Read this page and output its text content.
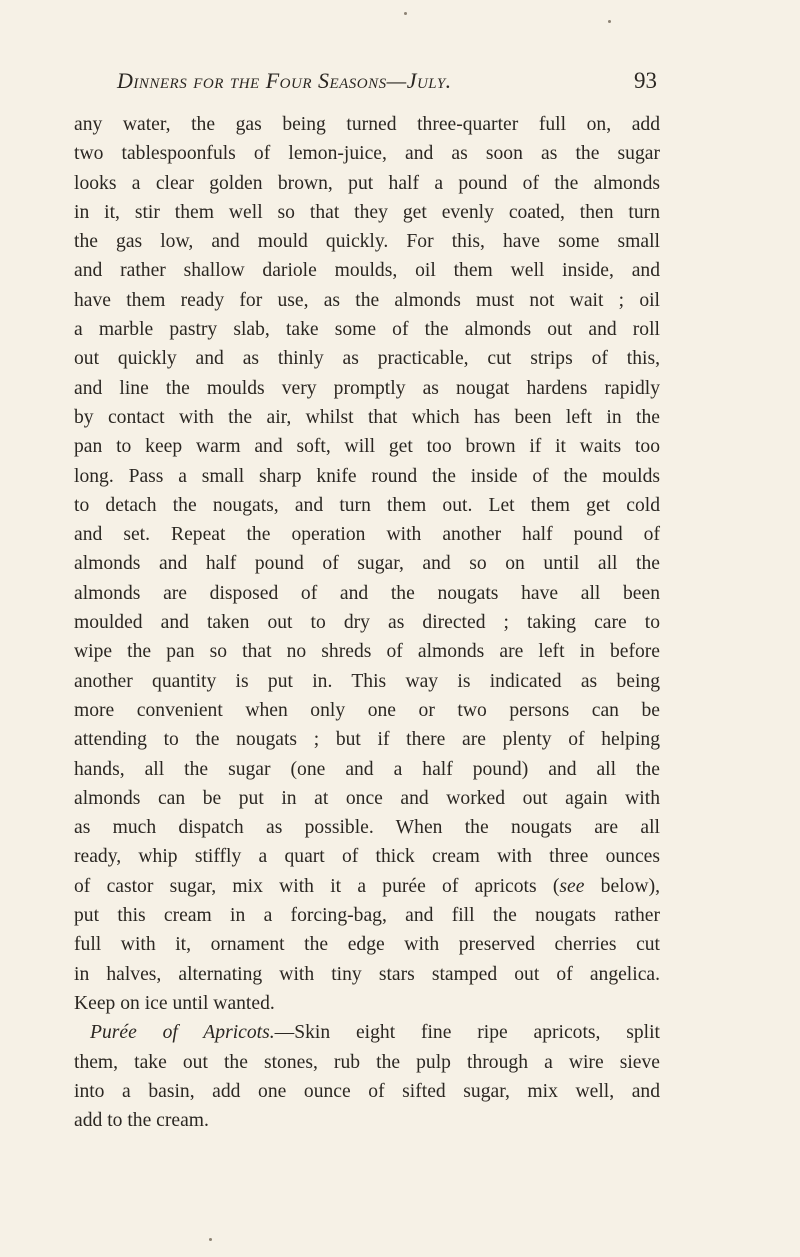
Dinners for the Four Seasons—July.	93
any water, the gas being turned three-quarter full on, add
two tablespoonfuls of lemon-juice, and as soon as the sugar
looks a clear golden brown, put half a pound of the almonds
in it, stir them well so that they get evenly coated, then turn
the gas low, and mould quickly. For this, have some small
and rather shallow dariole moulds, oil them well inside, and
have them ready for use, as the almonds must not wait ; oil
a marble pastry slab, take some of the almonds out and roll
out quickly and as thinly as practicable, cut strips of this,
and line the moulds very promptly as nougat hardens rapidly
by contact with the air, whilst that which has been left in the
pan to keep warm and soft, will get too brown if it waits too
long. Pass a small sharp knife round the inside of the moulds
to detach the nougats, and turn them out. Let them get cold
and set. Repeat the operation with another half pound of
almonds and half pound of sugar, and so on until all the
almonds are disposed of and the nougats have all been
moulded and taken out to dry as directed ; taking care to
wipe the pan so that no shreds of almonds are left in before
another quantity is put in. This way is indicated as being
more convenient when only one or two persons can be
attending to the nougats ; but if there are plenty of helping
hands, all the sugar (one and a half pound) and all the
almonds can be put in at once and worked out again with
as much dispatch as possible. When the nougats are all
ready, whip stiffly a quart of thick cream with three ounces
of castor sugar, mix with it a purée of apricots (see below),
put this cream in a forcing-bag, and fill the nougats rather
full with it, ornament the edge with preserved cherries cut
in halves, alternating with tiny stars stamped out of angelica.
Keep on ice until wanted.
Purée of Apricots.—Skin eight fine ripe apricots, split
them, take out the stones, rub the pulp through a wire sieve
into a basin, add one ounce of sifted sugar, mix well, and
add to the cream.
